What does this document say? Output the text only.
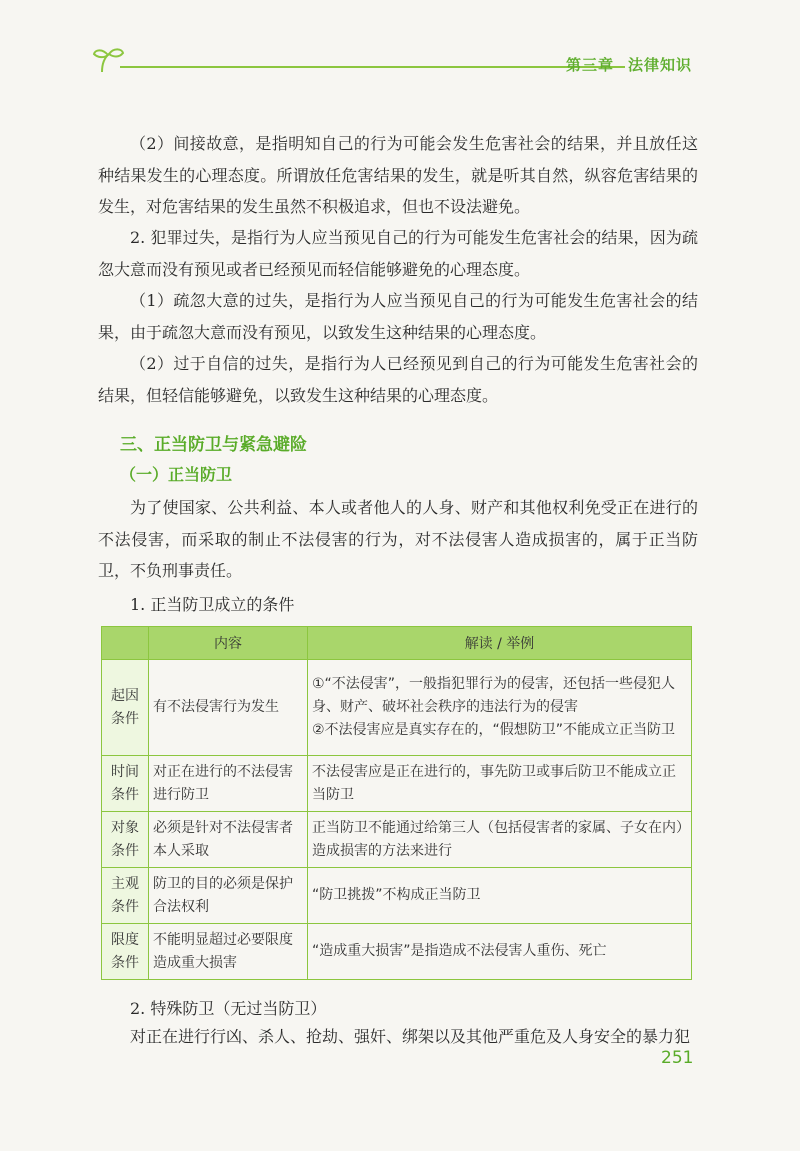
第三章 法律知识

（2）间接故意，是指明知自己的行为可能会发生危害社会的结果，并且放任这种结果发生的心理态度。所谓放任危害结果的发生，就是听其自然，纵容危害结果的发生，对危害结果的发生虽然不积极追求，但也不设法避免。

2. 犯罪过失，是指行为人应当预见自己的行为可能发生危害社会的结果，因为疏忽大意而没有预见或者已经预见而轻信能够避免的心理态度。

（1）疏忽大意的过失，是指行为人应当预见自己的行为可能发生危害社会的结果，由于疏忽大意而没有预见，以致发生这种结果的心理态度。

（2）过于自信的过失，是指行为人已经预见到自己的行为可能发生危害社会的结果，但轻信能够避免，以致发生这种结果的心理态度。

三、正当防卫与紧急避险
（一）正当防卫

为了使国家、公共利益、本人或者他人的人身、财产和其他权利免受正在进行的不法侵害，而采取的制止不法侵害的行为，对不法侵害人造成损害的，属于正当防卫，不负刑事责任。

1. 正当防卫成立的条件

	内容	解读 / 举例
起因
条件	有不法侵害行为发生	①“不法侵害”，一般指犯罪行为的侵害，还包括一些侵犯人身、财产、破坏社会秩序的违法行为的侵害
②不法侵害应是真实存在的，“假想防卫”不能成立正当防卫
时间
条件	对正在进行的不法侵害进行防卫	不法侵害应是正在进行的，事先防卫或事后防卫不能成立正当防卫
对象
条件	必须是针对不法侵害者本人采取	正当防卫不能通过给第三人（包括侵害者的家属、子女在内）造成损害的方法来进行
主观
条件	防卫的目的必须是保护合法权利	“防卫挑拨”不构成正当防卫
限度
条件	不能明显超过必要限度造成重大损害	“造成重大损害”是指造成不法侵害人重伤、死亡

2. 特殊防卫（无过当防卫）

对正在进行行凶、杀人、抢劫、强奸、绑架以及其他严重危及人身安全的暴力犯

251
